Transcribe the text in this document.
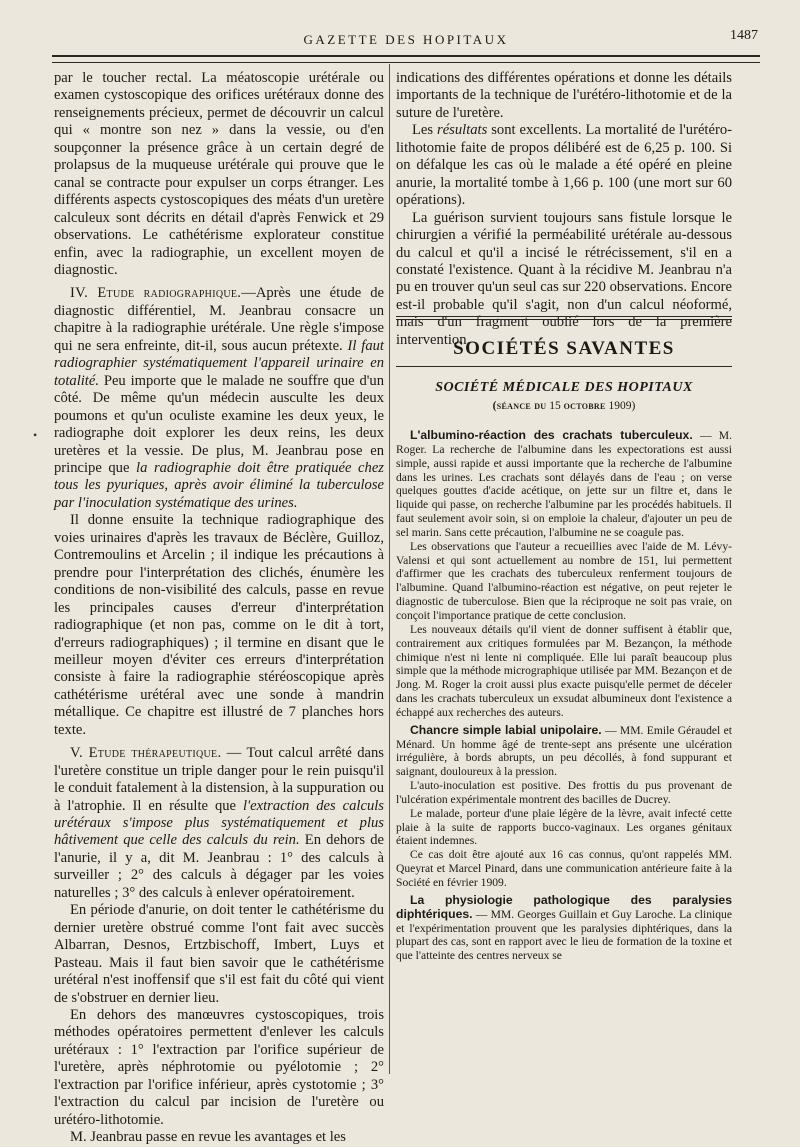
GAZETTE DES HOPITAUX	1487

par le toucher rectal. La méatoscopie urétérale ou examen cystoscopique des orifices urétéraux donne des renseignements précieux, permet de découvrir un calcul qui « montre son nez » dans la vessie, ou d'en soupçonner la présence grâce à un certain degré de prolapsus de la muqueuse urétérale qui prouve que le canal se contracte pour expulser un corps étranger. Les différents aspects cystoscopiques des méats d'un uretère calculeux sont décrits en détail d'après Fenwick et 29 observations. Le cathétérisme explorateur constitue enfin, avec la radiographie, un excellent moyen de diagnostic.

IV. Etude radiographique.—Après une étude de diagnostic différentiel, M. Jeanbrau consacre un chapitre à la radiographie urétérale. Une règle s'impose qui ne sera enfreinte, dit-il, sous aucun prétexte. Il faut radiographier systématiquement l'appareil urinaire en totalité. Peu importe que le malade ne souffre que d'un côté. De même qu'un médecin ausculte les deux poumons et qu'un oculiste examine les deux yeux, le radiographe doit explorer les deux reins, les deux uretères et la vessie. De plus, M. Jeanbrau pose en principe que la radiographie doit être pratiquée chez tous les pyuriques, après avoir éliminé la tuberculose par l'inoculation systématique des urines.

Il donne ensuite la technique radiographique des voies urinaires d'après les travaux de Béclère, Guilloz, Contremoulins et Arcelin ; il indique les précautions à prendre pour l'interprétation des clichés, énumère les conditions de non-visibilité des calculs, passe en revue les principales causes d'erreur d'interprétation radiographique (et non pas, comme on le dit à tort, d'erreurs radiographiques) ; il termine en disant que le meilleur moyen d'éviter ces erreurs d'interprétation consiste à faire la radiographie stéréoscopique après cathétérisme urétéral avec une sonde à mandrin métallique. Ce chapitre est illustré de 7 planches hors texte.

V. Etude thérapeutique. — Tout calcul arrêté dans l'uretère constitue un triple danger pour le rein puisqu'il le conduit fatalement à la distension, à la suppuration ou à l'atrophie. Il en résulte que l'extraction des calculs urétéraux s'impose plus systématiquement et plus hâtivement que celle des calculs du rein. En dehors de l'anurie, il y a, dit M. Jeanbrau : 1° des calculs à surveiller ; 2° des calculs à dégager par les voies naturelles ; 3° des calculs à enlever opératoirement.

En période d'anurie, on doit tenter le cathétérisme du dernier uretère obstrué comme l'ont fait avec succès Albarran, Desnos, Ertzbischoff, Imbert, Luys et Pasteau. Mais il faut bien savoir que le cathétérisme urétéral n'est inoffensif que s'il est fait du côté qui vient de s'obstruer en dernier lieu.

En dehors des manœuvres cystoscopiques, trois méthodes opératoires permettent d'enlever les calculs urétéraux : 1° l'extraction par l'orifice supérieur de l'uretère, après néphrotomie ou pyélotomie ; 2° l'extraction par l'orifice inférieur, après cystotomie ; 3° l'extraction du calcul par incision de l'uretère ou urétéro-lithotomie.

M. Jeanbrau passe en revue les avantages et les

indications des différentes opérations et donne les détails importants de la technique de l'urétéro-lithotomie et de la suture de l'uretère.

Les résultats sont excellents. La mortalité de l'urétéro-lithotomie faite de propos délibéré est de 6,25 p. 100. Si on défalque les cas où le malade a été opéré en pleine anurie, la mortalité tombe à 1,66 p. 100 (une mort sur 60 opérations).

La guérison survient toujours sans fistule lorsque le chirurgien a vérifié la perméabilité urétérale au-dessous du calcul et qu'il a incisé le rétrécissement, s'il en a constaté l'existence. Quant à la récidive M. Jeanbrau n'a pu en trouver qu'un seul cas sur 220 observations. Encore est-il probable qu'il s'agit, non d'un calcul néoformé, mais d'un fragment oublié lors de la première intervention.

SOCIÉTÉS SAVANTES
SOCIÉTÉ MÉDICALE DES HOPITAUX
(séance du 15 octobre 1909)

L'albumino-réaction des crachats tuberculeux. — M. Roger. La recherche de l'albumine dans les expectorations est aussi simple, aussi rapide et aussi importante que la recherche de l'albumine dans les urines. Les crachats sont délayés dans de l'eau ; on verse quelques gouttes d'acide acétique, on jette sur un filtre et, dans le liquide qui passe, on recherche l'albumine par les procédés habituels. Il faut seulement avoir soin, si on emploie la chaleur, d'ajouter un peu de sel marin. Sans cette précaution, l'albumine ne se coagule pas.

Les observations que l'auteur a recueillies avec l'aide de M. Lévy-Valensi et qui sont actuellement au nombre de 151, lui permettent d'affirmer que les crachats des tuberculeux renferment toujours de l'albumine. Quand l'albumino-réaction est négative, on peut rejeter le diagnostic de tuberculose. Bien que la réciproque ne soit pas vraie, on conçoit l'importance pratique de cette conclusion.

Les nouveaux détails qu'il vient de donner suffisent à établir que, contrairement aux critiques formulées par M. Bezançon, la méthode chimique n'est ni lente ni compliquée. Elle lui paraît beaucoup plus simple que la méthode micrographique utilisée par MM. Bezançon et de Jong. M. Roger la croit aussi plus exacte puisqu'elle permet de déceler dans les crachats tuberculeux un exsudat albumineux dont l'existence a échappé aux recherches des auteurs.

Chancre simple labial unipolaire. — MM. Emile Géraudel et Ménard. Un homme âgé de trente-sept ans présente une ulcération irrégulière, à bords abrupts, un peu décollés, à fond suppurant et saignant, douloureux à la pression.

L'auto-inoculation est positive. Des frottis du pus provenant de l'ulcération expérimentale montrent des bacilles de Ducrey.

Le malade, porteur d'une plaie légère de la lèvre, avait infecté cette plaie à la suite de rapports bucco-vaginaux. Les organes génitaux étaient indemnes.

Ce cas doit être ajouté aux 16 cas connus, qu'ont rappelés MM. Queyrat et Marcel Pinard, dans une communication antérieure faite à la Société en février 1909.

La physiologie pathologique des paralysies diphtériques. — MM. Georges Guillain et Guy Laroche. La clinique et l'expérimentation prouvent que les paralysies diphtériques, dans la plupart des cas, sont en rapport avec le lieu de formation de la toxine et que l'atteinte des centres nerveux se

•
